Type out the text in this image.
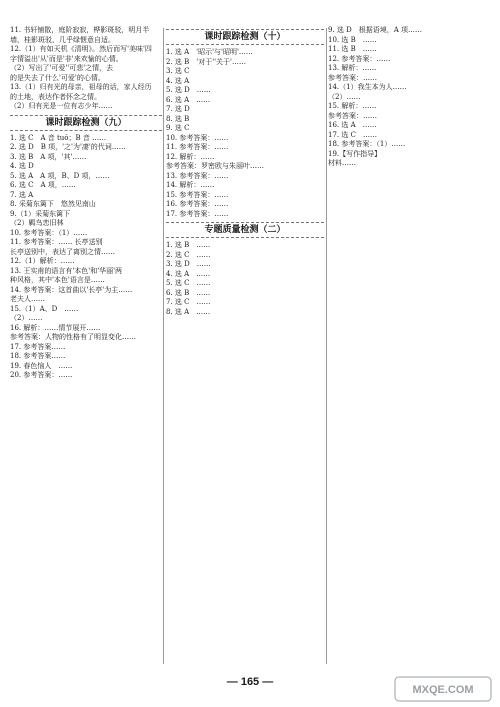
11. 书轩铺散，庭阶寂寂，桦影斑驳，明月半
墙，桂影斑驳，几乎绿惬意自适。
12.（1）有如天机《清明》。然后而写'美味'四
字情溢出'从'而是'非'来欢愉的心情。
（2）写出了'可爱''可悲'之情，去
的是失去了什么'可爱'的心情。
13.（1）归有光的母亲，祖母的话，家人经历
的土地，表达作者怀念之情。
（2）归有光是一位有志少年……
课时跟踪检测（九）
1. 选 C　A 音 tuó；B 音 ……
2. 选 D　B 项，'之'为'凄'的代词……
3. 选 B　A 项，'其'……
4. 选 D
5. 选 A　A 项，B、D 项，……
6. 选 C　A 项，……
7. 选 A
8. 采菊东篱下　悠然见南山
9.（1）采菊东篱下
（2）羁鸟恋旧林
10. 参考答案：（1）……
11. 参考答案：…… 长亭送别
长亭送别中，表达了离别之情……
12.（1）解析：……
13. 王实甫的语言有'本色'和'华丽'两
种风格，其中'本色'语言是……
14. 参考答案：这首曲以'长亭'为主……
老夫人……
15.（1）A、D　……
（2）……
16. 解析：……情节展开……
参考答案：人物的性格有了明显变化……
17. 参考答案……
18. 参考答案……
19. 春色恼人　……
20. 参考答案：……
课时跟踪检测（十）
1. 选 A　'昭示'与'昭明'……
2. 选 B　'对于''关于'……
3. 选 C
4. 选 A
5. 选 D　……
6. 选 A　……
7. 选 D
8. 选 B
9. 选 C
10. 参考答案：……
11. 参考答案：……
12. 解析：……
参考答案：罗密欧与朱丽叶……
13. 参考答案：……
14. 解析：……
15. 参考答案：……
16. 参考答案：……
17. 参考答案：……
专题质量检测（二）
1. 选 B　……
2. 选 C　……
3. 选 D　……
4. 选 A　……
5. 选 C　……
6. 选 B　……
7. 选 C　……
8. 选 A　……
9. 选 D　根据语境，A 项……
10. 选 B　……
11. 选 B　……
12. 参考答案：……
13. 解析：……
参考答案：……
14.（1）我生本为人……
（2）……
15. 解析：……
参考答案：……
16. 选 A　……
17. 选 C　……
18. 参考答案：（1）……
19.【写作指导】
材料……
— 165 —
MXQE.COM
